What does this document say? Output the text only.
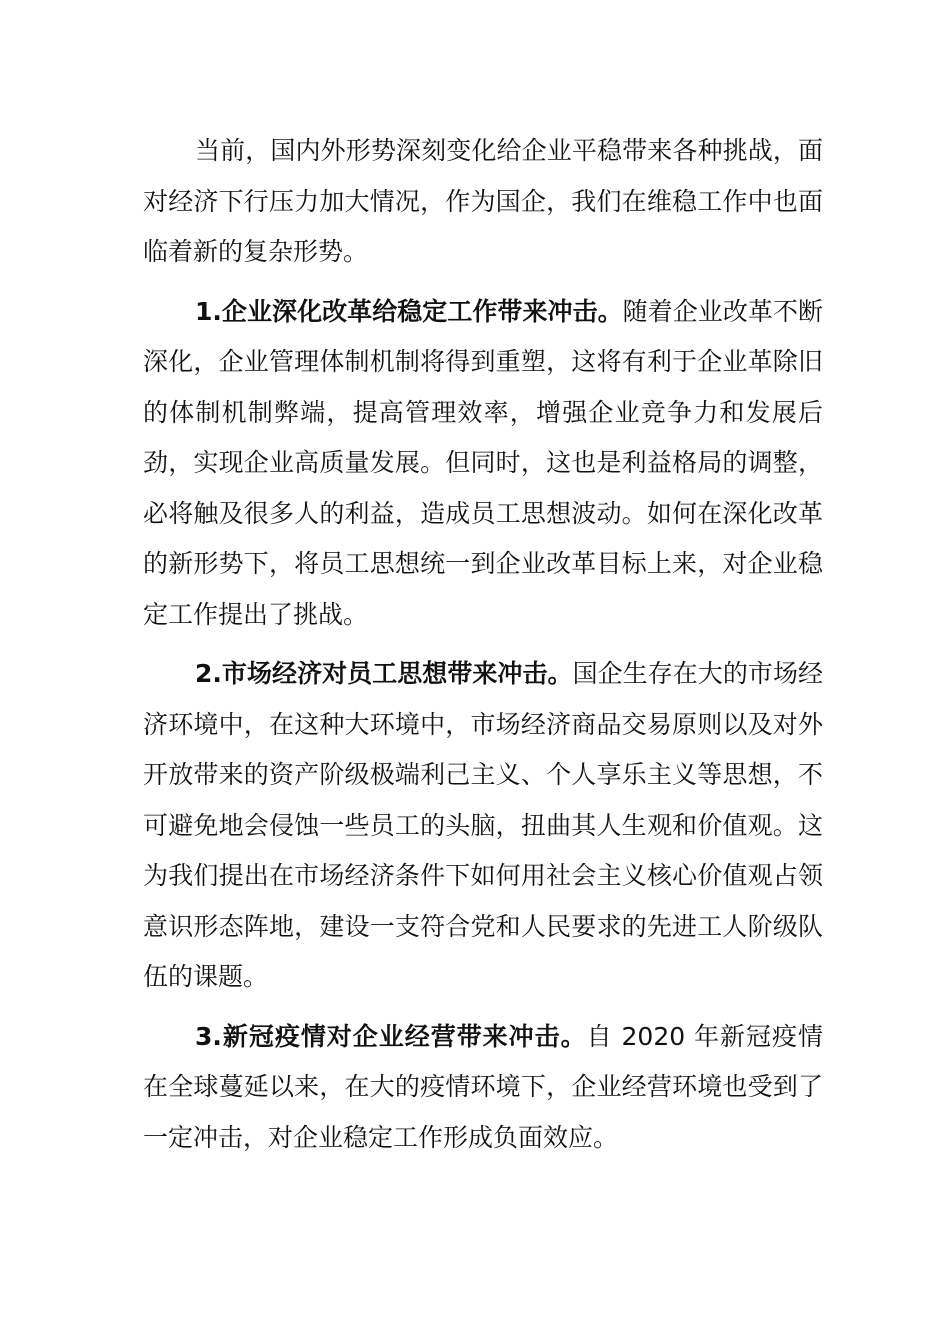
当前，国内外形势深刻变化给企业平稳带来各种挑战，面对经济下行压力加大情况，作为国企，我们在维稳工作中也面临着新的复杂形势。

1.企业深化改革给稳定工作带来冲击。随着企业改革不断深化，企业管理体制机制将得到重塑，这将有利于企业革除旧的体制机制弊端，提高管理效率，增强企业竞争力和发展后劲，实现企业高质量发展。但同时，这也是利益格局的调整，必将触及很多人的利益，造成员工思想波动。如何在深化改革的新形势下，将员工思想统一到企业改革目标上来，对企业稳定工作提出了挑战。

2.市场经济对员工思想带来冲击。国企生存在大的市场经济环境中，在这种大环境中，市场经济商品交易原则以及对外开放带来的资产阶级极端利己主义、个人享乐主义等思想，不可避免地会侵蚀一些员工的头脑，扭曲其人生观和价值观。这为我们提出在市场经济条件下如何用社会主义核心价值观占领意识形态阵地，建设一支符合党和人民要求的先进工人阶级队伍的课题。

3.新冠疫情对企业经营带来冲击。自 2020 年新冠疫情在全球蔓延以来，在大的疫情环境下，企业经营环境也受到了一定冲击，对企业稳定工作形成负面效应。
